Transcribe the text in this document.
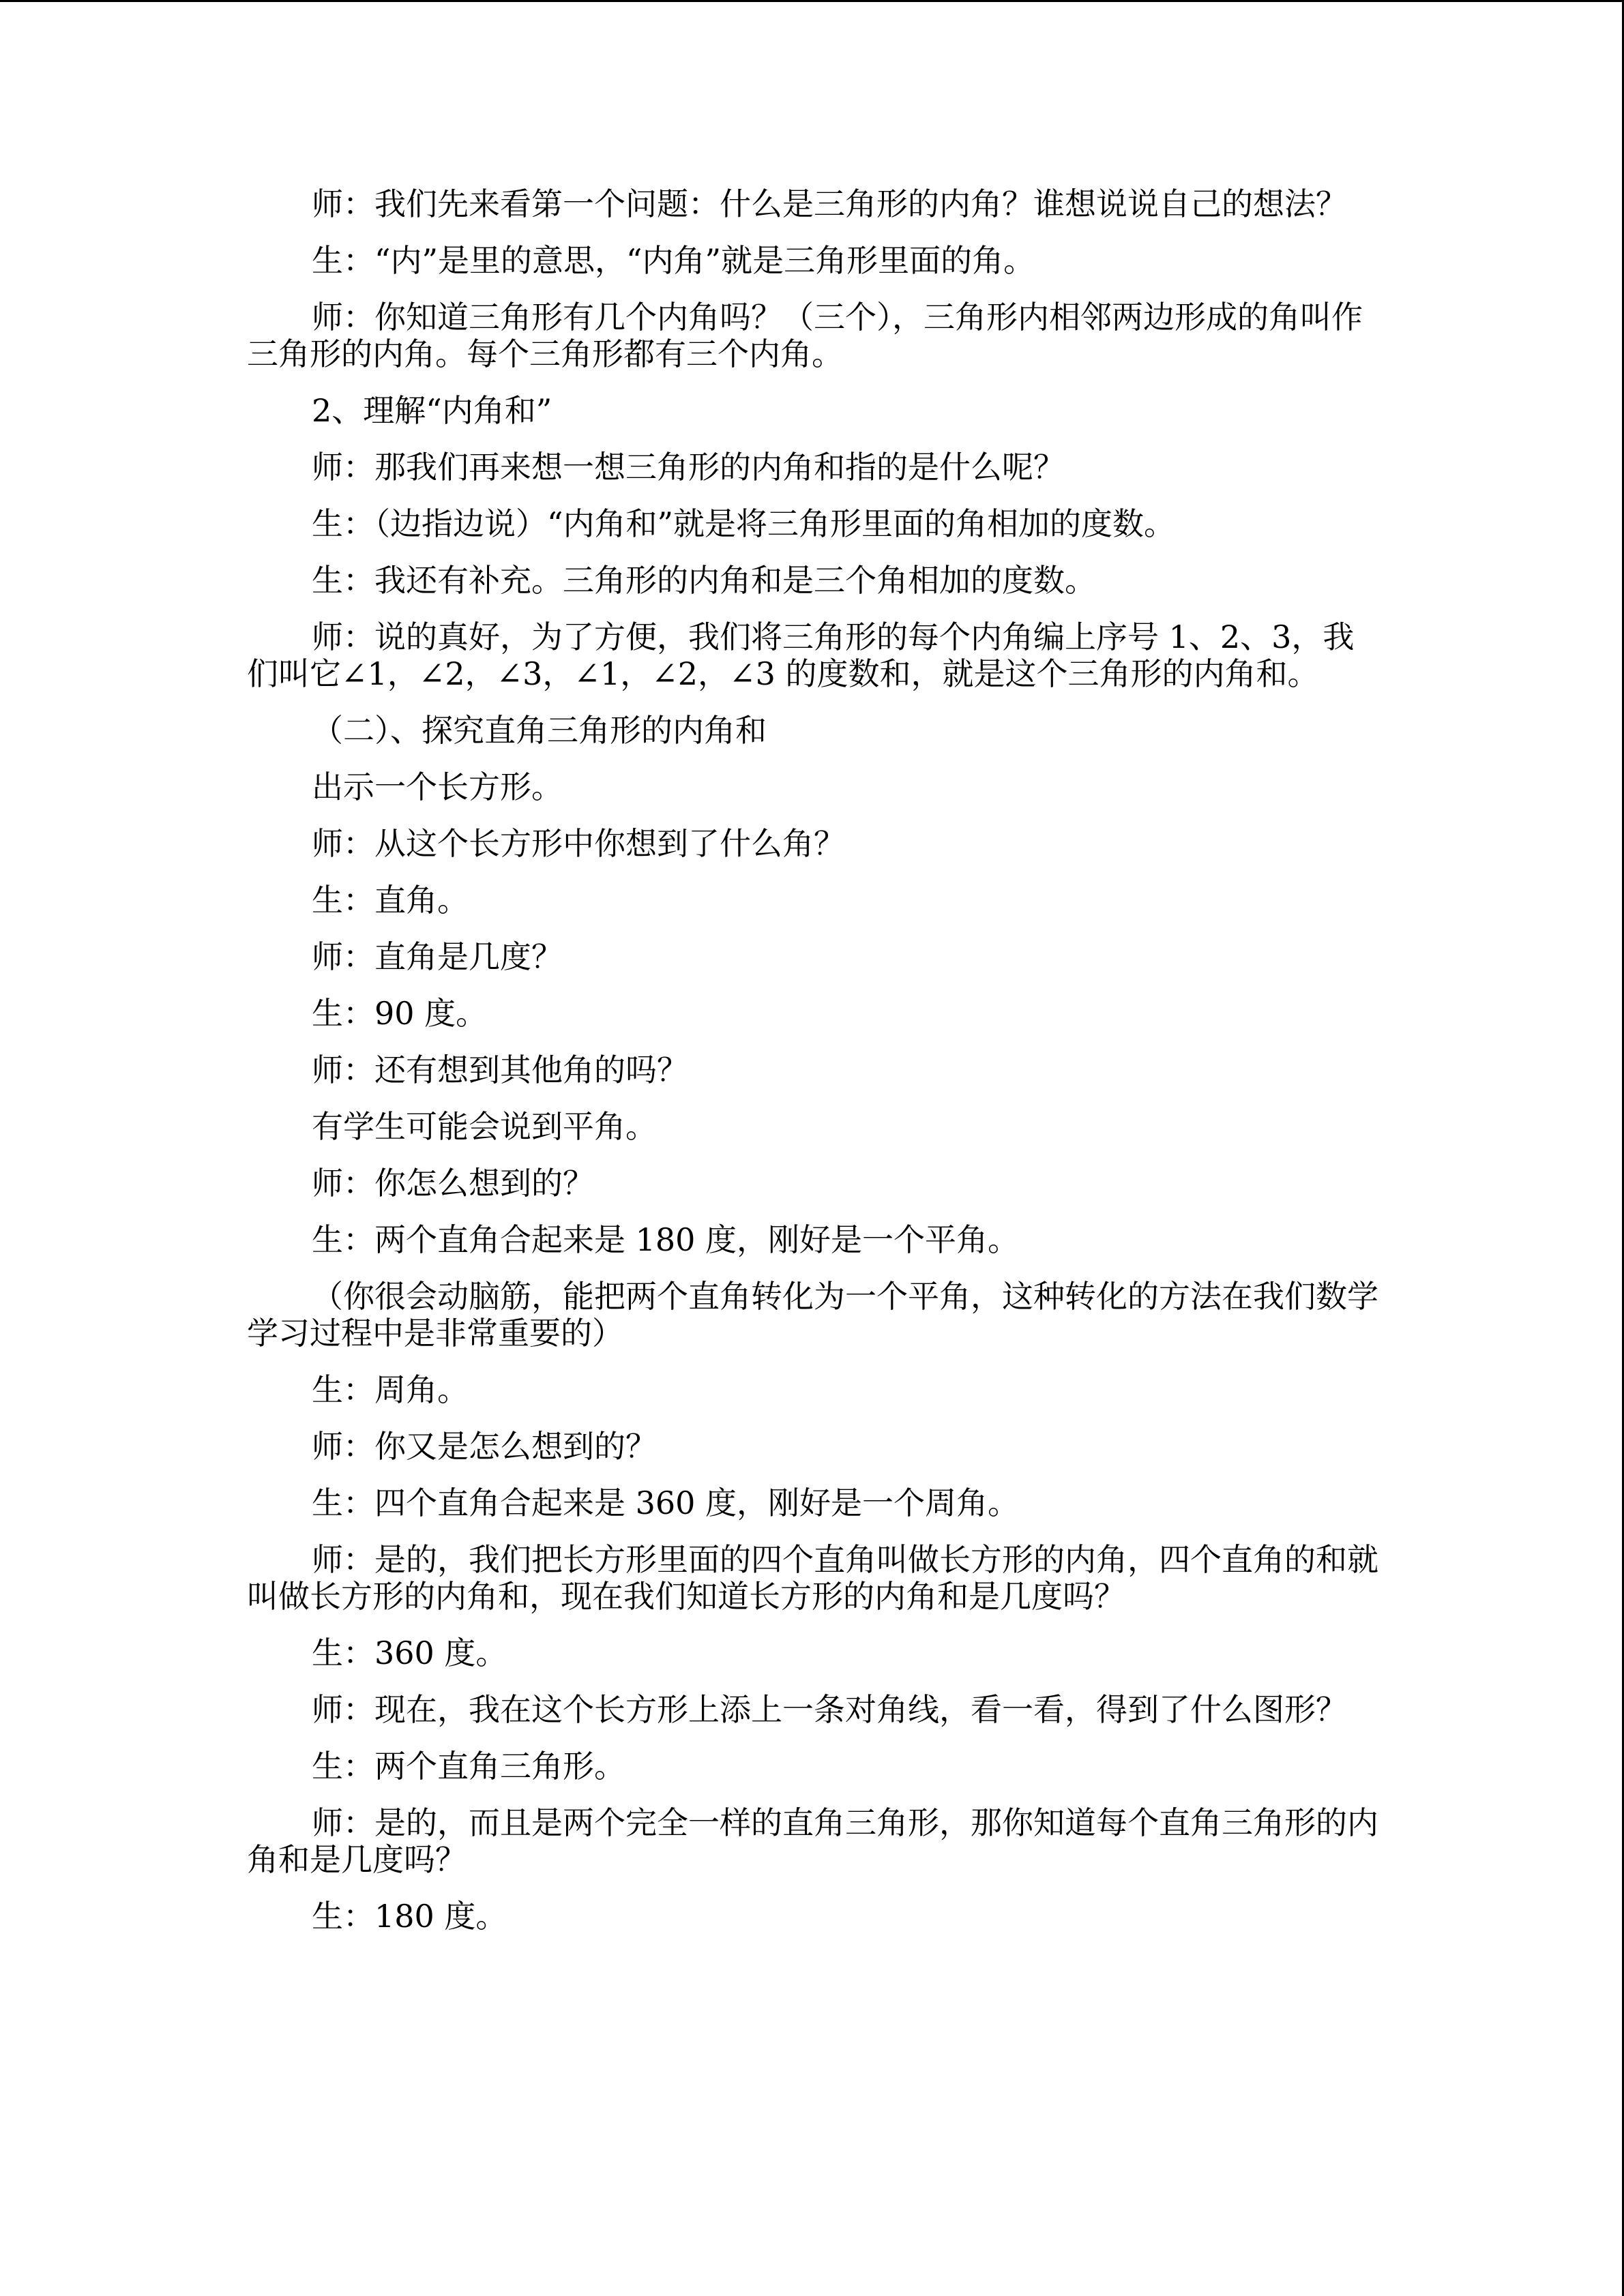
师：我们先来看第一个问题：什么是三角形的内角？谁想说说自己的想法？

生：“内”是里的意思，“内角”就是三角形里面的角。

师：你知道三角形有几个内角吗？（三个），三角形内相邻两边形成的角叫作三角形的内角。每个三角形都有三个内角。

2、理解“内角和”

师：那我们再来想一想三角形的内角和指的是什么呢？

生：（边指边说）“内角和”就是将三角形里面的角相加的度数。

生：我还有补充。三角形的内角和是三个角相加的度数。

师：说的真好，为了方便，我们将三角形的每个内角编上序号 1、2、3，我们叫它∠1，∠2，∠3，∠1，∠2，∠3 的度数和，就是这个三角形的内角和。

（二）、探究直角三角形的内角和

出示一个长方形。

师：从这个长方形中你想到了什么角？

生：直角。

师：直角是几度？

生：90 度。

师：还有想到其他角的吗？

有学生可能会说到平角。

师：你怎么想到的？

生：两个直角合起来是 180 度，刚好是一个平角。

（你很会动脑筋，能把两个直角转化为一个平角，这种转化的方法在我们数学学习过程中是非常重要的）

生：周角。

师：你又是怎么想到的？

生：四个直角合起来是 360 度，刚好是一个周角。

师：是的，我们把长方形里面的四个直角叫做长方形的内角，四个直角的和就叫做长方形的内角和，现在我们知道长方形的内角和是几度吗？

生：360 度。

师：现在，我在这个长方形上添上一条对角线，看一看，得到了什么图形？

生：两个直角三角形。

师：是的，而且是两个完全一样的直角三角形，那你知道每个直角三角形的内角和是几度吗？

生：180 度。
